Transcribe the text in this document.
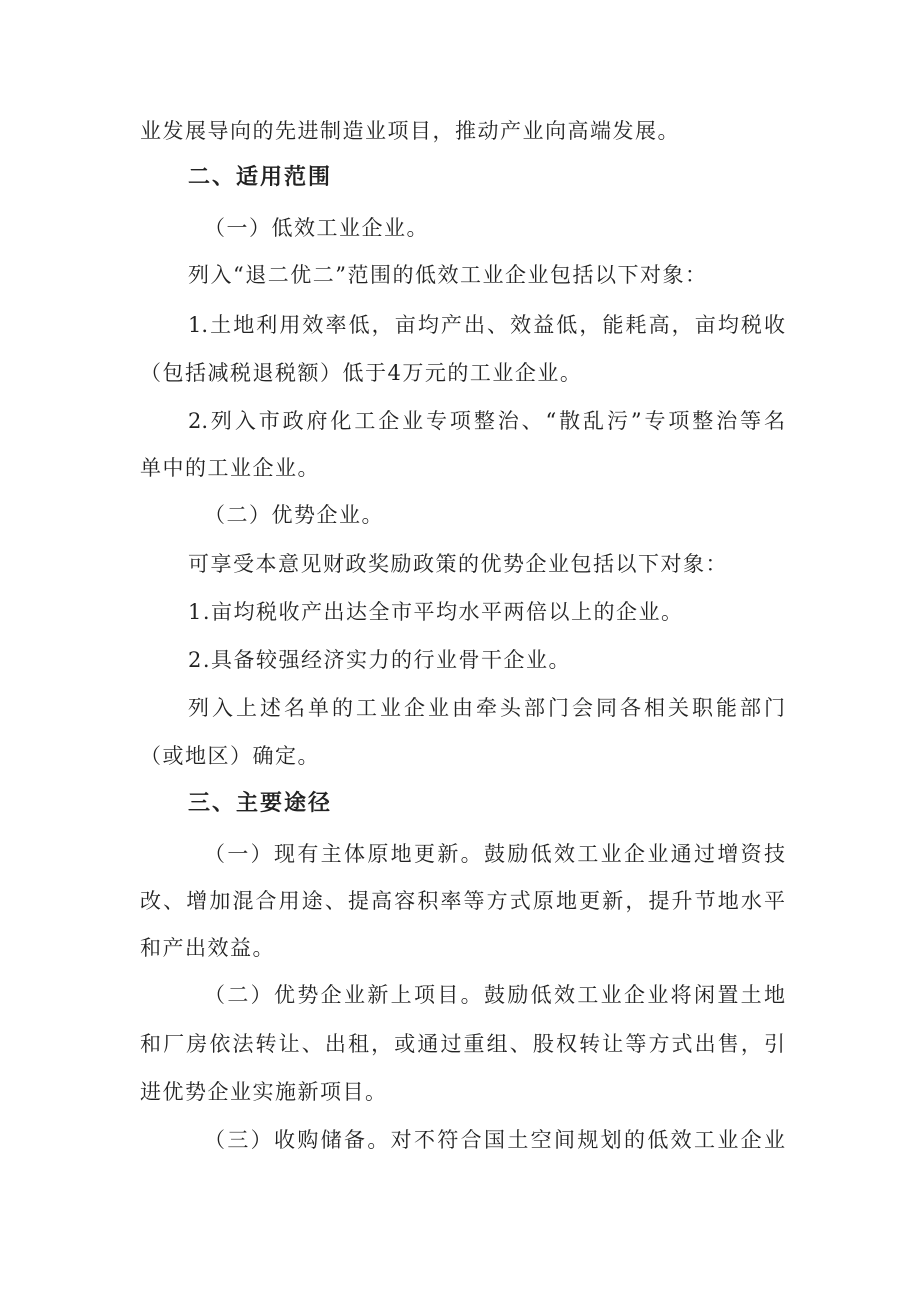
业发展导向的先进制造业项目，推动产业向高端发展。
二、适用范围
（一）低效工业企业。
列入“退二优二”范围的低效工业企业包括以下对象：
1.土地利用效率低，亩均产出、效益低，能耗高，亩均税收
（包括减税退税额）低于4万元的工业企业。
2.列入市政府化工企业专项整治、“散乱污”专项整治等名
单中的工业企业。
（二）优势企业。
可享受本意见财政奖励政策的优势企业包括以下对象：
1.亩均税收产出达全市平均水平两倍以上的企业。
2.具备较强经济实力的行业骨干企业。
列入上述名单的工业企业由牵头部门会同各相关职能部门
（或地区）确定。
三、主要途径
（一）现有主体原地更新。鼓励低效工业企业通过增资技
改、增加混合用途、提高容积率等方式原地更新，提升节地水平
和产出效益。
（二）优势企业新上项目。鼓励低效工业企业将闲置土地
和厂房依法转让、出租，或通过重组、股权转让等方式出售，引
进优势企业实施新项目。
（三）收购储备。对不符合国土空间规划的低效工业企业
